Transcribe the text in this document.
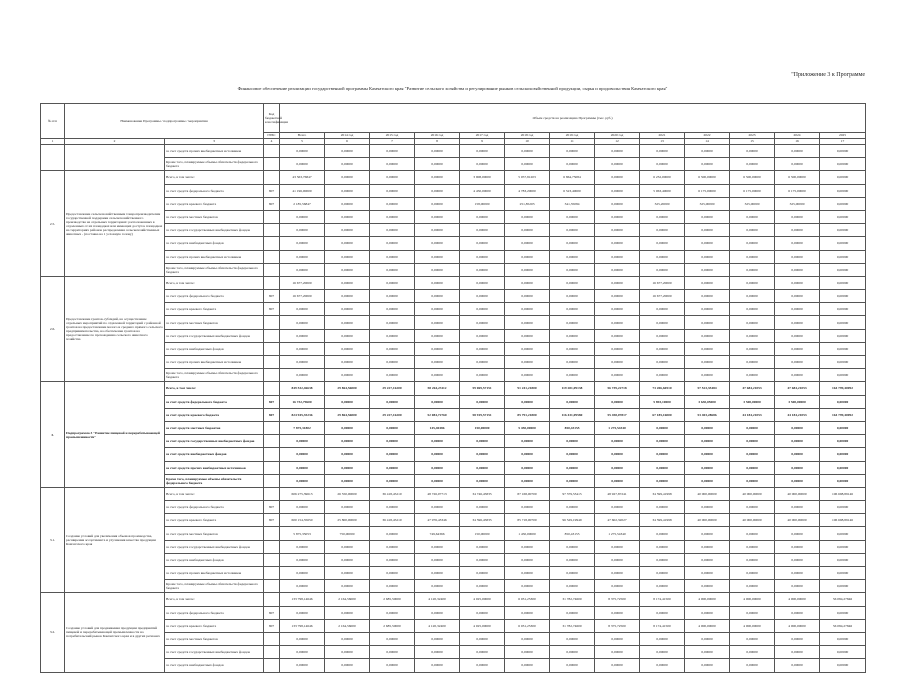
"Приложение 3 к Программе
Финансовое обеспечение реализации государственной программы Камчатского края "Развитие сельского хозяйства и регулирование рынков сельскохозяйственной продукции, сырья и продовольствия Камчатского края"
№ п/п	Наименование Программы / подпрограммы / мероприятия		Код бюджетной классификации	Объем средств на реализацию Программы (тыс. руб.)												
			ГРБС	Всего	2014 год	2015 год	2016 год	2017 год	2018 год	2019 год	2020 год	2021	2022	2023	2024	2025
1	2	3	4	5	6	7	8	9	10	11	12	13	14	15	16	17
		за счет средств прочих внебюджетных источников		0,00000	0,00000	0,00000	0,00000	0,00000	0,00000	0,00000	0,00000	0,00000	0,00000	0,00000	0,00000	0,00000
		Кроме того, планируемые объемы обязательств федерального бюджета		0,00000	0,00000	0,00000	0,00000	0,00000	0,00000	0,00000	0,00000	0,00000	0,00000	0,00000	0,00000	0,00000
2.5.	Предоставление сельскохозяйственным товаропроизводителям государственной поддержки сельскохозяйственного производства на отдельных территориях: расположенных в отдаленных от их площадках или имеющих доступ к площадках на территориях районов распределения сельскохозяйственных животных - (поставка на 1 условную голову)	Всего, в том числе:		43 563,76847	0,00000	0,00000	0,00000	3 908,00000	5 057,81203	6 864,75084	0,00000	6 232,00000	6 500,00000	6 500,00000	6 500,00000	0,00000
		за счет средств федерального бюджета	807	41 196,00000	0,00000	0,00000	0,00000	4 450,00000	4 783,20000	6 523,40000	0,00000	5 063,40000	6 175,00000	6 175,00000	6 175,00000	0,00000
		за счет средств краевого бюджета	807	2 185,56847	0,00000	0,00000	0,00000	158,00000	251,85203	341,35084	0,00000	325,20000	325,00000	325,00000	325,00000	0,00000
		за счет средств местных бюджетов		0,00000	0,00000	0,00000	0,00000	0,00000	0,00000	0,00000	0,00000	0,00000	0,00000	0,00000	0,00000	0,00000
		за счет средств государственных внебюджетных фондов		0,00000	0,00000	0,00000	0,00000	0,00000	0,00000	0,00000	0,00000	0,00000	0,00000	0,00000	0,00000	0,00000
		за счет средств внебюджетных фондов		0,00000	0,00000	0,00000	0,00000	0,00000	0,00000	0,00000	0,00000	0,00000	0,00000	0,00000	0,00000	0,00000
		за счет средств прочих внебюджетных источников		0,00000	0,00000	0,00000	0,00000	0,00000	0,00000	0,00000	0,00000	0,00000	0,00000	0,00000	0,00000	0,00000
		Кроме того, планируемые объемы обязательств федерального бюджета		0,00000	0,00000	0,00000	0,00000	0,00000	0,00000	0,00000	0,00000	0,00000	0,00000	0,00000	0,00000	0,00000
2.6.	Предоставление грантов-субсидий, на осуществление отдельных мероприятий по отдаленной территорий с районной грантов на предоставление малого и среднего прямого сельского предпринимательства, на обеспечение грантов на предоставление по прохождению сельского животного хозяйства	Всего, в том числе:		16 677,20000	0,00000	0,00000	0,00000	0,00000	0,00000	0,00000	0,00000	16 677,20000	0,00000	0,00000	0,00000	0,00000
		за счет средств федерального бюджета	807	16 677,20000	0,00000	0,00000	0,00000	0,00000	0,00000	0,00000	0,00000	16 677,20000	0,00000	0,00000	0,00000	0,00000
		за счет средств краевого бюджета	807	0,00000	0,00000	0,00000	0,00000	0,00000	0,00000	0,00000	0,00000	0,00000	0,00000	0,00000	0,00000	0,00000
		за счет средств местных бюджетов		0,00000	0,00000	0,00000	0,00000	0,00000	0,00000	0,00000	0,00000	0,00000	0,00000	0,00000	0,00000	0,00000
		за счет средств государственных внебюджетных фондов		0,00000	0,00000	0,00000	0,00000	0,00000	0,00000	0,00000	0,00000	0,00000	0,00000	0,00000	0,00000	0,00000
		за счет средств внебюджетных фондов		0,00000	0,00000	0,00000	0,00000	0,00000	0,00000	0,00000	0,00000	0,00000	0,00000	0,00000	0,00000	0,00000
		за счет средств прочих внебюджетных источников		0,00000	0,00000	0,00000	0,00000	0,00000	0,00000	0,00000	0,00000	0,00000	0,00000	0,00000	0,00000	0,00000
		Кроме того, планируемые объемы обязательств федерального бюджета		0,00000	0,00000	0,00000	0,00000	0,00000	0,00000	0,00000	0,00000	0,00000	0,00000	0,00000	0,00000	0,00000
3.	Подпрограмма 3 "Развитие пищевой и перерабатывающей промышленности"	Всего, в том числе:		849 532,46638	29 864,56000	29 227,16200	58 264,23112	59 069,57151	91 241,21800	119 281,09138	56 739,22718	73 206,60510	57 523,35484	47 684,21053	47 684,21053	164 799,40092
		за счет средств федерального бюджета	807	16 732,79600	0,00000	0,00000	0,00000	0,00000	0,00000	0,00000	0,00000	5 893,10000	3 630,05000	3 500,00000	3 500,00000	0,00000
		за счет средств краевого бюджета	807	824 945,35236	29 864,56000	29 227,16200	52 084,72760	58 919,57151	85 791,21800	116 431,09580	55 458,07817	67 185,16000	53 403,28686	44 184,21053	44 184,21053	164 799,40092
		за счет средств местных бюджетов		7 875,31802	0,00000	0,00000	145,40486	150,00000	5 450,00000	850,43155	1 275,54340	0,00000	0,00000	0,00000	0,00000	0,00000
		за счет средств государственных внебюджетных фондов		0,00000	0,00000	0,00000	0,00000	0,00000	0,00000	0,00000	0,00000	0,00000	0,00000	0,00000	0,00000	0,00000
		за счет средств внебюджетных фондов		0,00000	0,00000	0,00000	0,00000	0,00000	0,00000	0,00000	0,00000	0,00000	0,00000	0,00000	0,00000	0,00000
		за счет средств прочих внебюджетных источников		0,00000	0,00000	0,00000	0,00000	0,00000	0,00000	0,00000	0,00000	0,00000	0,00000	0,00000	0,00000	0,00000
		Кроме того, планируемые объемы обязательств федерального бюджета		0,00000	0,00000	0,00000	0,00000	0,00000	0,00000	0,00000	0,00000	0,00000	0,00000	0,00000	0,00000	0,00000
3.1.	Создание условий для увеличения объемов производства, расширения ассортимента и улучшения качества продукции Камчатского края	Всего, в том числе:		606 275,39613	26 550,00000	36 418,45210	48 726,07713	34 746,45835	87 168,00700	97 379,53415	48 927,87241	34 599,41998	40 000,00000	40 000,00000	40 000,00000	106 698,89146
		за счет средств федерального бюджета	807	0,00000	0,00000	0,00000	0,00000	0,00000	0,00000	0,00000	0,00000	0,00000	0,00000	0,00000	0,00000	0,00000
		за счет средств краевого бюджета	807	600 154,35650	25 800,00000	36 418,45210	47 976,43346	34 596,45835	85 718,00700	96 529,19949	47 602,32027	34 599,41998	40 000,00000	40 000,00000	40 000,00000	106 698,89146
		за счет средств местных бюджетов		5 875,35053	750,00000	0,00000	749,64366	150,00000	1 450,00000	850,43155	1 275,54340	0,00000	0,00000	0,00000	0,00000	0,00000
		за счет средств государственных внебюджетных фондов		0,00000	0,00000	0,00000	0,00000	0,00000	0,00000	0,00000	0,00000	0,00000	0,00000	0,00000	0,00000	0,00000
		за счет средств внебюджетных фондов		0,00000	0,00000	0,00000	0,00000	0,00000	0,00000	0,00000	0,00000	0,00000	0,00000	0,00000	0,00000	0,00000
		за счет средств прочих внебюджетных источников		0,00000	0,00000	0,00000	0,00000	0,00000	0,00000	0,00000	0,00000	0,00000	0,00000	0,00000	0,00000	0,00000
		Кроме того, планируемые объемы обязательств федерального бюджета		0,00000	0,00000	0,00000	0,00000	0,00000	0,00000	0,00000	0,00000	0,00000	0,00000	0,00000	0,00000	0,00000
3.2.	Создание условий для продвижения продукции предприятий пищевой и перерабатывающей промышленности на потребительский рынок Камчатского края и в других регионах	Всего, в том числе:		133 798,14646	2 164,56000	2 685,50000	4 120,32400	4 025,00000	6 031,25300	31 782,74600	8 375,72500	8 174,41500	4 000,00000	4 000,00000	4 000,00000	56 084,27846
		за счет средств федерального бюджета	807	0,00000	0,00000	0,00000	0,00000	0,00000	0,00000	0,00000	0,00000	0,00000	0,00000	0,00000	0,00000	0,00000
		за счет средств краевого бюджета	807	133 798,14646	2 164,56000	2 685,50000	4 120,32400	4 025,00000	6 031,25300	31 782,74600	8 375,72500	8 174,41500	4 000,00000	4 000,00000	4 000,00000	56 084,27846
		за счет средств местных бюджетов		0,00000	0,00000	0,00000	0,00000	0,00000	0,00000	0,00000	0,00000	0,00000	0,00000	0,00000	0,00000	0,00000
		за счет средств государственных внебюджетных фондов		0,00000	0,00000	0,00000	0,00000	0,00000	0,00000	0,00000	0,00000	0,00000	0,00000	0,00000	0,00000	0,00000
		за счет средств внебюджетных фондов		0,00000	0,00000	0,00000	0,00000	0,00000	0,00000	0,00000	0,00000	0,00000	0,00000	0,00000	0,00000	0,00000
